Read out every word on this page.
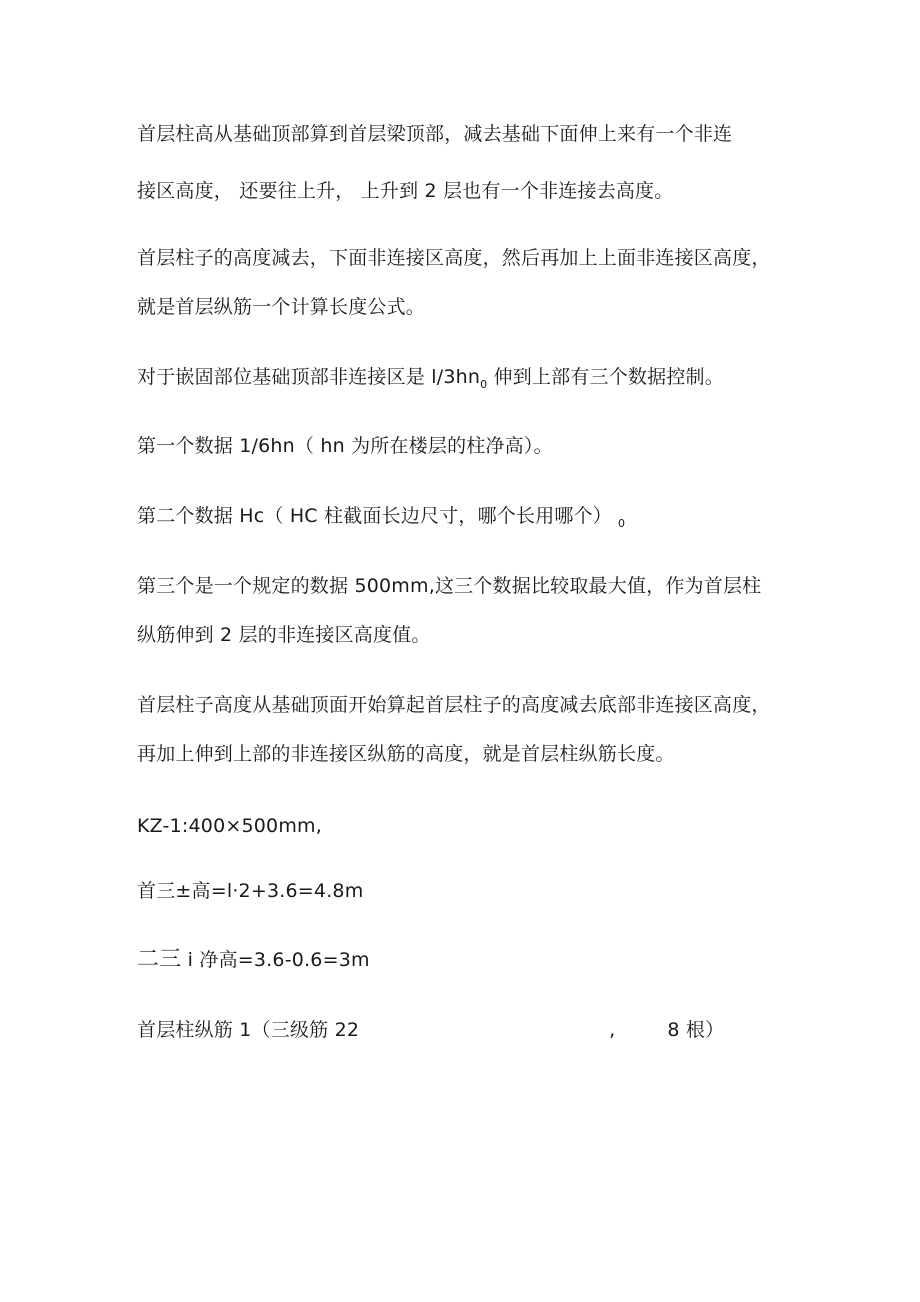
首层柱高从基础顶部算到首层梁顶部，减去基础下面伸上来有一个非连
接区高度， 还要往上升， 上升到 2 层也有一个非连接去高度。
首层柱子的高度减去，下面非连接区高度，然后再加上上面非连接区高度，
就是首层纵筋一个计算长度公式。
对于嵌固部位基础顶部非连接区是 $l/3hn_0$ 伸到上部有三个数据控制。
第一个数据 1/6hn（ hn 为所在楼层的柱净高）。
第二个数据 Hc（ HC 柱截面长边尺寸，哪个长用哪个） $_0$
第三个是一个规定的数据 500mm,这三个数据比较取最大值，作为首层柱
纵筋伸到 2 层的非连接区高度值。
首层柱子高度从基础顶面开始算起首层柱子的高度减去底部非连接区高度，
再加上伸到上部的非连接区纵筋的高度，就是首层柱纵筋长度。
KZ-1:400×500mm,
首三±高=l·2+3.6=4.8m
二三 i 净高=3.6-0.6=3m
首层柱纵筋 1（三级筋 22	,	8 根）
